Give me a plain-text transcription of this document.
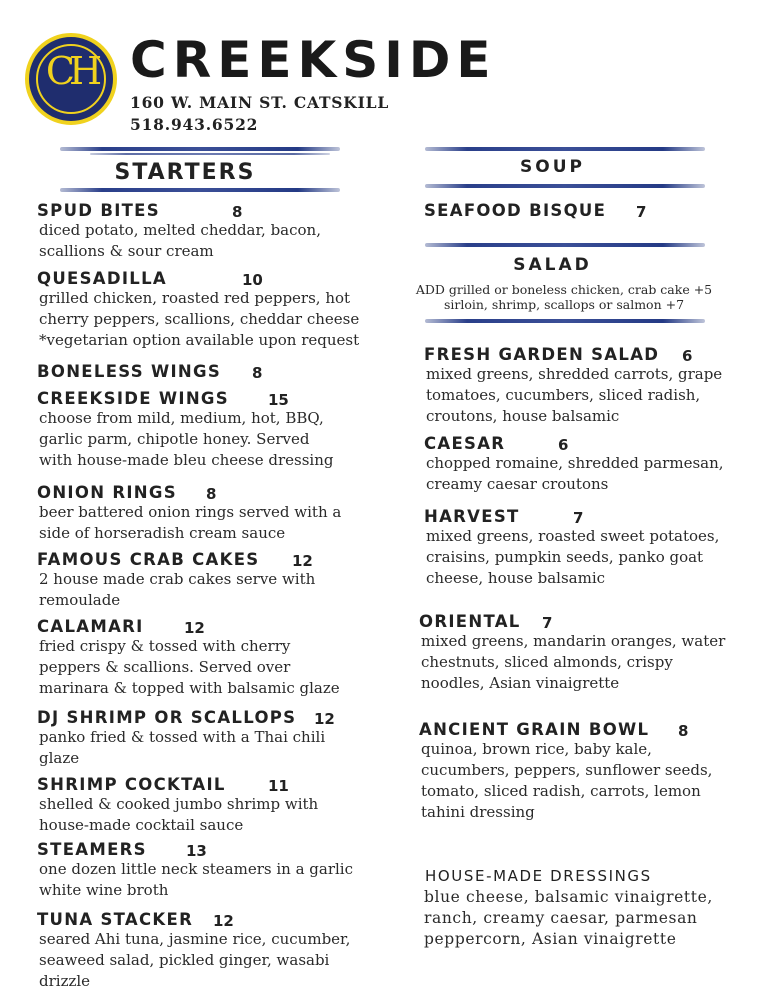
CH CREEKSIDE
160 W. MAIN ST. CATSKILL
518.943.6522
STARTERS
SPUD BITES	8
diced potato, melted cheddar, bacon,
scallions & sour cream
QUESADILLA	10
grilled chicken, roasted red peppers, hot
cherry peppers, scallions, cheddar cheese
*vegetarian option available upon request
BONELESS WINGS 8
CREEKSIDE WINGS	15
choose from mild, medium, hot, BBQ,
garlic parm, chipotle honey. Served
with house-made bleu cheese dressing
ONION RINGS 8
beer battered onion rings served with a
side of horseradish cream sauce
FAMOUS CRAB CAKES 12
2 house made crab cakes serve with
remoulade
CALAMARI	12
fried crispy & tossed with cherry
peppers & scallions. Served over
marinara & topped with balsamic glaze
DJ SHRIMP OR SCALLOPS 12
panko fried & tossed with a Thai chili
glaze
SHRIMP COCKTAIL	11
shelled & cooked jumbo shrimp with
house-made cocktail sauce
STEAMERS	13
one dozen little neck steamers in a garlic
white wine broth
TUNA STACKER 12
seared Ahi tuna, jasmine rice, cucumber,
seaweed salad, pickled ginger, wasabi
drizzle
SOUP
SEAFOOD BISQUE 7
SALAD
ADD grilled or boneless chicken, crab cake +5
sirloin, shrimp, scallops or salmon +7
FRESH GARDEN SALAD 6
mixed greens, shredded carrots, grape
tomatoes, cucumbers, sliced radish,
croutons, house balsamic
CAESAR	6
chopped romaine, shredded parmesan,
creamy caesar croutons
HARVEST	7
mixed greens, roasted sweet potatoes,
craisins, pumpkin seeds, panko goat
cheese, house balsamic
ORIENTAL 7
mixed greens, mandarin oranges, water
chestnuts, sliced almonds, crispy
noodles, Asian vinaigrette
ANCIENT GRAIN BOWL 8
quinoa, brown rice, baby kale,
cucumbers, peppers, sunflower seeds,
tomato, sliced radish, carrots, lemon
tahini dressing
HOUSE-MADE DRESSINGS
blue cheese, balsamic vinaigrette,
ranch, creamy caesar, parmesan
peppercorn, Asian vinaigrette
